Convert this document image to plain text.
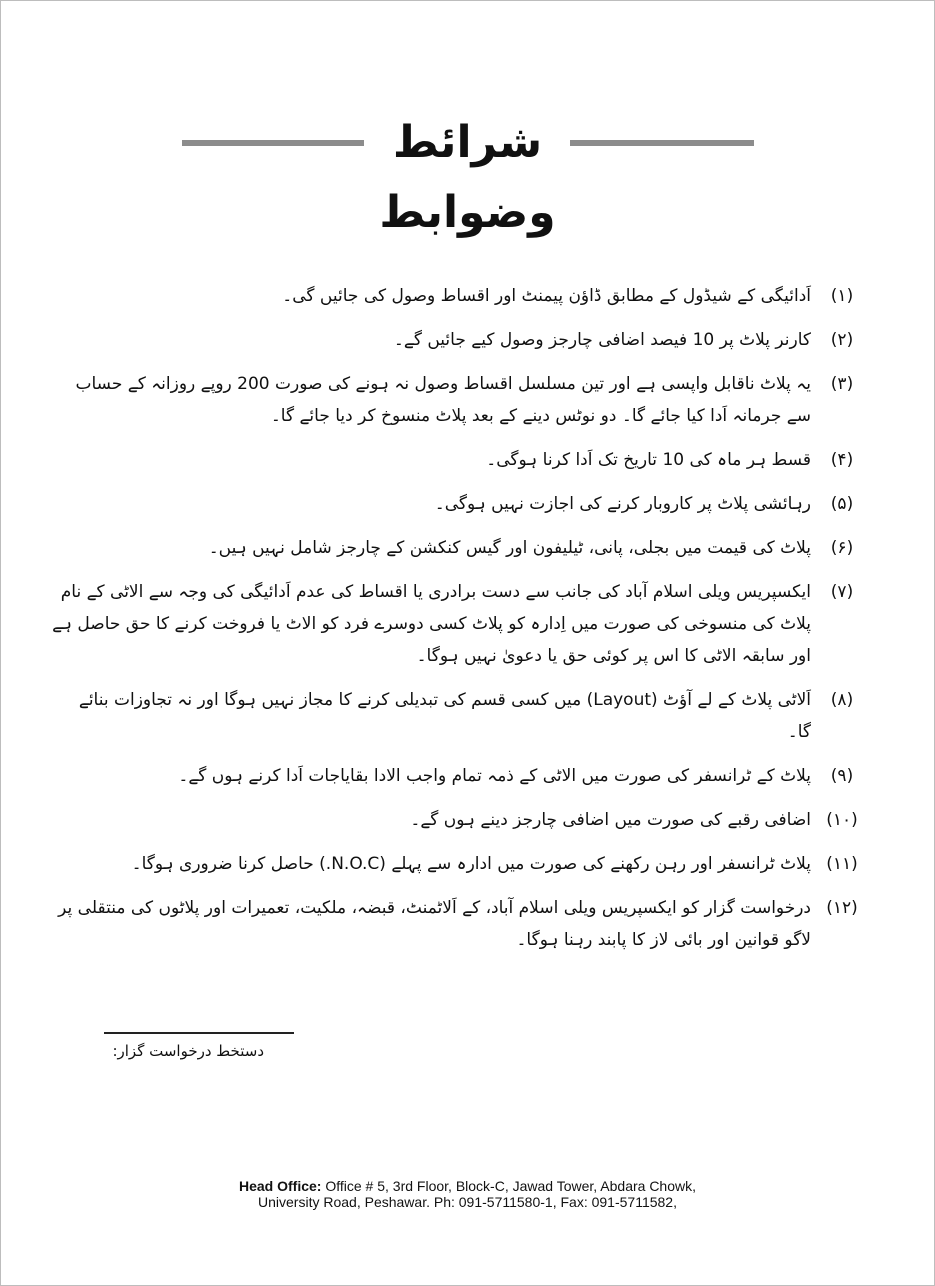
شرائط وضوابط
(۱)
اَدائیگی کے شیڈول کے مطابق ڈاؤن پیمنٹ اور اقساط وصول کی جائیں گی۔
(۲)
کارنر پلاٹ پر 10 فیصد اضافی چارجز وصول کیے جائیں گے۔
(۳)
یہ پلاٹ ناقابل واپسی ہے اور تین مسلسل اقساط وصول نہ ہونے کی صورت 200 روپے روزانہ کے حساب سے جرمانہ اَدا کیا جائے گا۔ دو نوٹس دینے کے بعد پلاٹ منسوخ کر دیا جائے گا۔
(۴)
قسط ہر ماہ کی 10 تاریخ تک اَدا کرنا ہوگی۔
(۵)
رہائشی پلاٹ پر کاروبار کرنے کی اجازت نہیں ہوگی۔
(۶)
پلاٹ کی قیمت میں بجلی، پانی، ٹیلیفون اور گیس کنکشن کے چارجز شامل نہیں ہیں۔
(۷)
ایکسپریس ویلی اسلام آباد کی جانب سے دست برادری یا اقساط کی عدم اَدائیگی کی وجہ سے الاٹی کے نام پلاٹ کی منسوخی کی صورت میں اِدارہ کو پلاٹ کسی دوسرے فرد کو الاٹ یا فروخت کرنے کا حق حاصل ہے اور سابقہ الاٹی کا اس پر کوئی حق یا دعویٰ نہیں ہوگا۔
(۸)
اَلاٹی پلاٹ کے لے آؤٹ (Layout) میں کسی قسم کی تبدیلی کرنے کا مجاز نہیں ہوگا اور نہ تجاوزات بنائے گا۔
(۹)
پلاٹ کے ٹرانسفر کی صورت میں الاٹی کے ذمہ تمام واجب الادا بقایاجات اَدا کرنے ہوں گے۔
(۱۰)
اضافی رقبے کی صورت میں اضافی چارجز دینے ہوں گے۔
(۱۱)
پلاٹ ٹرانسفر اور رہن رکھنے کی صورت میں ادارہ سے پہلے (N.O.C.) حاصل کرنا ضروری ہوگا۔
(۱۲)
درخواست گزار کو ایکسپریس ویلی اسلام آباد، کے اَلاٹمنٹ، قبضہ، ملکیت، تعمیرات اور پلاٹوں کی منتقلی پر لاگو قوانین اور بائی لاز کا پابند رہنا ہوگا۔
دستخط درخواست گزار:
Head Office: Office # 5, 3rd Floor, Block-C, Jawad Tower, Abdara Chowk,
University Road, Peshawar. Ph: 091-5711580-1, Fax: 091-5711582,
